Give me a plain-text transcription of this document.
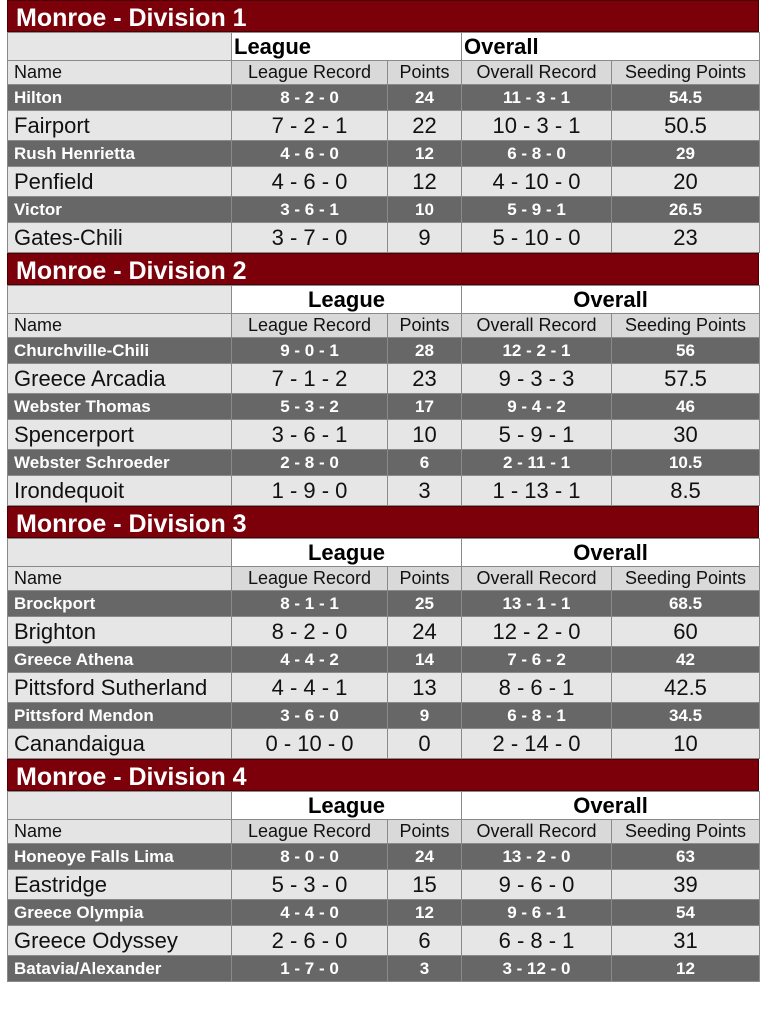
Monroe - Division 1
	League		Overall	
Name	League Record	Points	Overall Record	Seeding Points
Hilton	8 - 2 - 0	24	11 - 3 - 1	54.5
Fairport	7 - 2 - 1	22	10 - 3 - 1	50.5
Rush Henrietta	4 - 6 - 0	12	6 - 8 - 0	29
Penfield	4 - 6 - 0	12	4 - 10 - 0	20
Victor	3 - 6 - 1	10	5 - 9 - 1	26.5
Gates-Chili	3 - 7 - 0	9	5 - 10 - 0	23
Monroe - Division 2
	League		Overall	
Name	League Record	Points	Overall Record	Seeding Points
Churchville-Chili	9 - 0 - 1	28	12 - 2 - 1	56
Greece Arcadia	7 - 1 - 2	23	9 - 3 - 3	57.5
Webster Thomas	5 - 3 - 2	17	9 - 4 - 2	46
Spencerport	3 - 6 - 1	10	5 - 9 - 1	30
Webster Schroeder	2 - 8 - 0	6	2 - 11 - 1	10.5
Irondequoit	1 - 9 - 0	3	1 - 13 - 1	8.5
Monroe - Division 3
	League		Overall	
Name	League Record	Points	Overall Record	Seeding Points
Brockport	8 - 1 - 1	25	13 - 1 - 1	68.5
Brighton	8 - 2 - 0	24	12 - 2 - 0	60
Greece Athena	4 - 4 - 2	14	7 - 6 - 2	42
Pittsford Sutherland	4 - 4 - 1	13	8 - 6 - 1	42.5
Pittsford Mendon	3 - 6 - 0	9	6 - 8 - 1	34.5
Canandaigua	0 - 10 - 0	0	2 - 14 - 0	10
Monroe - Division 4
	League		Overall	
Name	League Record	Points	Overall Record	Seeding Points
Honeoye Falls Lima	8 - 0 - 0	24	13 - 2 - 0	63
Eastridge	5 - 3 - 0	15	9 - 6 - 0	39
Greece Olympia	4 - 4 - 0	12	9 - 6 - 1	54
Greece Odyssey	2 - 6 - 0	6	6 - 8 - 1	31
Batavia/Alexander	1 - 7 - 0	3	3 - 12 - 0	12
